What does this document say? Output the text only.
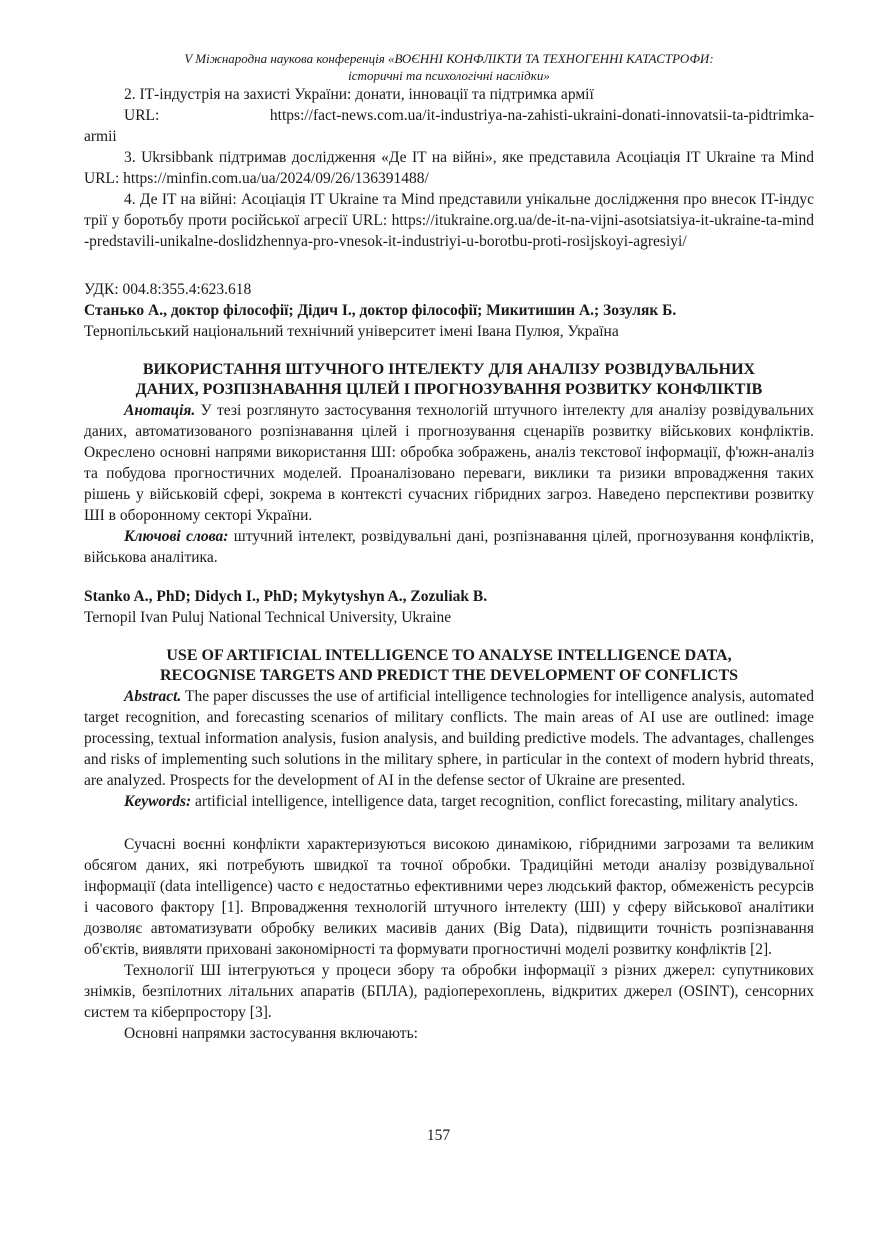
V Міжнародна наукова конференція «ВОЄННІ КОНФЛІКТИ ТА ТЕХНОГЕННІ КАТАСТРОФИ:
історичні та психологічні наслідки»

2. ІТ-індустрія на захисті України: донати, інновації та підтримка армії

URL:	https://fact-news.com.ua/it-industriya-na-zahisti-ukraini-donati-innovatsii-ta-pidtrimka-

armii

3. Ukrsibbank підтримав дослідження «Де IT на війні», яке представила Асоціація IT Ukraine та Mind URL: https://minfin.com.ua/ua/2024/09/26/136391488/

4. Де IT на війні: Асоціація IT Ukraine та Mind представили унікальне дослідження про внесок IT-індустрії у боротьбу проти російської агресії URL: https://itukraine.org.ua/de-it-na-vijni-asotsiatsiya-it-ukraine-ta-mind-predstavili-unikalne-doslidzhennya-pro-vnesok-it-industriyi-u-borotbu-proti-rosijskoyi-agresiyi/

УДК: 004.8:355.4:623.618

Станько А., доктор філософії; Дідич І., доктор філософії; Микитишин А.; Зозуляк Б.

Тернопільський національний технічний університет імені Івана Пулюя, Україна

ВИКОРИСТАННЯ ШТУЧНОГО ІНТЕЛЕКТУ ДЛЯ АНАЛІЗУ РОЗВІДУВАЛЬНИХ
ДАНИХ, РОЗПІЗНАВАННЯ ЦІЛЕЙ І ПРОГНОЗУВАННЯ РОЗВИТКУ КОНФЛІКТІВ

Анотація. У тезі розглянуто застосування технологій штучного інтелекту для аналізу розвідувальних даних, автоматизованого розпізнавання цілей і прогнозування сценаріїв розвитку військових конфліктів. Окреслено основні напрями використання ШІ: обробка зображень, аналіз текстової інформації, ф'южн-аналіз та побудова прогностичних моделей. Проаналізовано переваги, виклики та ризики впровадження таких рішень у військовій сфері, зокрема в контексті сучасних гібридних загроз. Наведено перспективи розвитку ШІ в оборонному секторі України.

Ключові слова: штучний інтелект, розвідувальні дані, розпізнавання цілей, прогнозування конфліктів, військова аналітика.

Stanko A., PhD; Didych I., PhD; Mykytyshyn A., Zozuliak B.

Ternopil Ivan Puluj National Technical University, Ukraine

USE OF ARTIFICIAL INTELLIGENCE TO ANALYSE INTELLIGENCE DATA,
RECOGNISE TARGETS AND PREDICT THE DEVELOPMENT OF CONFLICTS

Abstract. The paper discusses the use of artificial intelligence technologies for intelligence analysis, automated target recognition, and forecasting scenarios of military conflicts. The main areas of AI use are outlined: image processing, textual information analysis, fusion analysis, and building predictive models. The advantages, challenges and risks of implementing such solutions in the military sphere, in particular in the context of modern hybrid threats, are analyzed. Prospects for the development of AI in the defense sector of Ukraine are presented.

Keywords: artificial intelligence, intelligence data, target recognition, conflict forecasting, military analytics.

Сучасні воєнні конфлікти характеризуються високою динамікою, гібридними загрозами та великим обсягом даних, які потребують швидкої та точної обробки. Традиційні методи аналізу розвідувальної інформації (data intelligence) часто є недостатньо ефективними через людський фактор, обмеженість ресурсів і часового фактору [1]. Впровадження технологій штучного інтелекту (ШІ) у сферу військової аналітики дозволяє автоматизувати обробку великих масивів даних (Big Data), підвищити точність розпізнавання об'єктів, виявляти приховані закономірності та формувати прогностичні моделі розвитку конфліктів [2].

Технології ШІ інтегруються у процеси збору та обробки інформації з різних джерел: супутникових знімків, безпілотних літальних апаратів (БПЛА), радіоперехоплень, відкритих джерел (OSINT), сенсорних систем та кіберпростору [3].

Основні напрямки застосування включають:

157
